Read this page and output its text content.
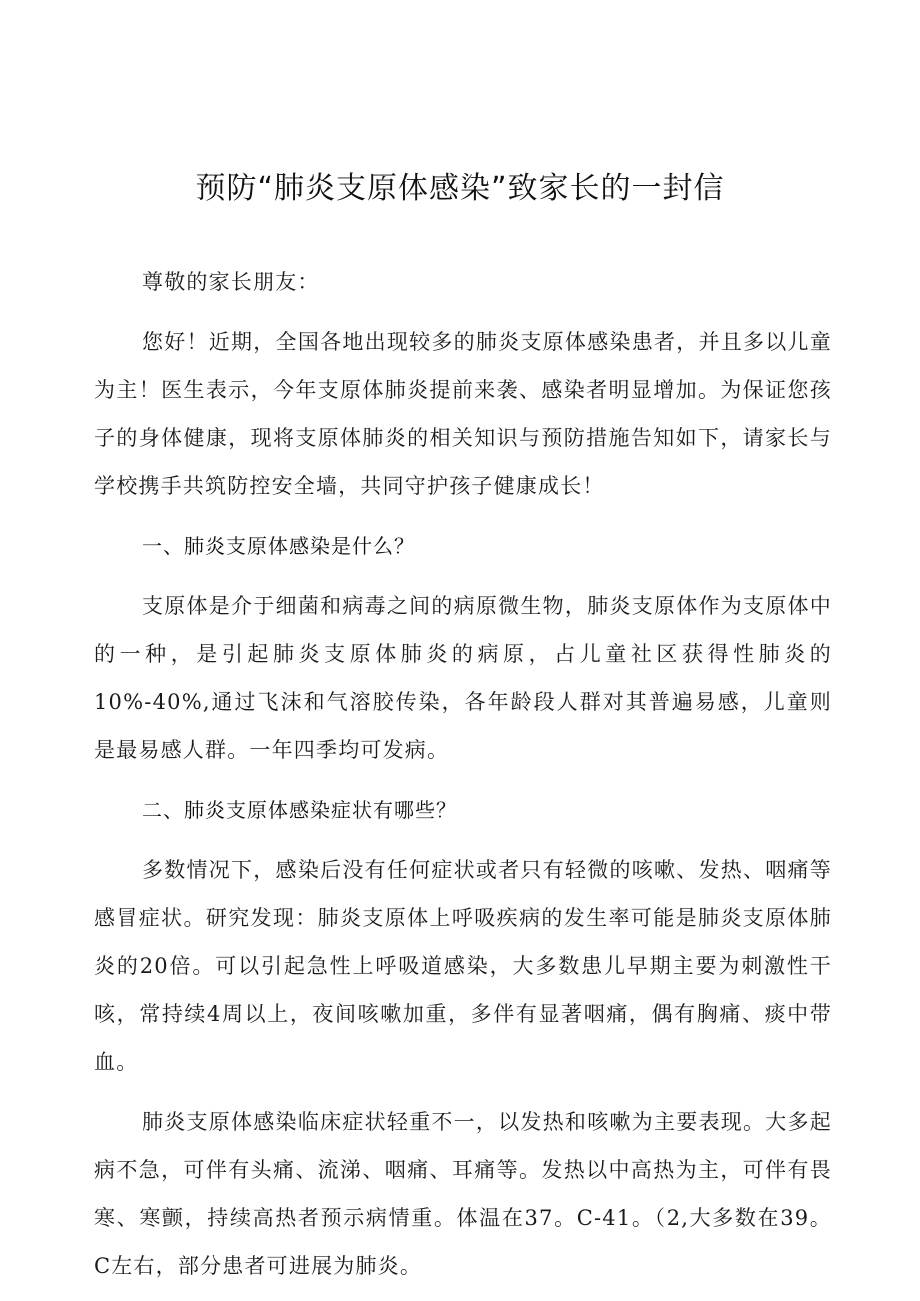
预防“肺炎支原体感染”致家长的一封信

尊敬的家长朋友：

您好！近期，全国各地出现较多的肺炎支原体感染患者，并且多以儿童为主！医生表示，今年支原体肺炎提前来袭、感染者明显增加。为保证您孩子的身体健康，现将支原体肺炎的相关知识与预防措施告知如下，请家长与学校携手共筑防控安全墙，共同守护孩子健康成长！

一、肺炎支原体感染是什么？

支原体是介于细菌和病毒之间的病原微生物，肺炎支原体作为支原体中的一种，是引起肺炎支原体肺炎的病原，占儿童社区获得性肺炎的10%-40%,通过飞沫和气溶胶传染，各年龄段人群对其普遍易感，儿童则是最易感人群。一年四季均可发病。

二、肺炎支原体感染症状有哪些？

多数情况下，感染后没有任何症状或者只有轻微的咳嗽、发热、咽痛等感冒症状。研究发现：肺炎支原体上呼吸疾病的发生率可能是肺炎支原体肺炎的20倍。可以引起急性上呼吸道感染，大多数患儿早期主要为刺激性干咳，常持续4周以上，夜间咳嗽加重，多伴有显著咽痛，偶有胸痛、痰中带血。

肺炎支原体感染临床症状轻重不一，以发热和咳嗽为主要表现。大多起病不急，可伴有头痛、流涕、咽痛、耳痛等。发热以中高热为主，可伴有畏寒、寒颤，持续高热者预示病情重。体温在37。C-41。（2,大多数在39。C左右，部分患者可进展为肺炎。
